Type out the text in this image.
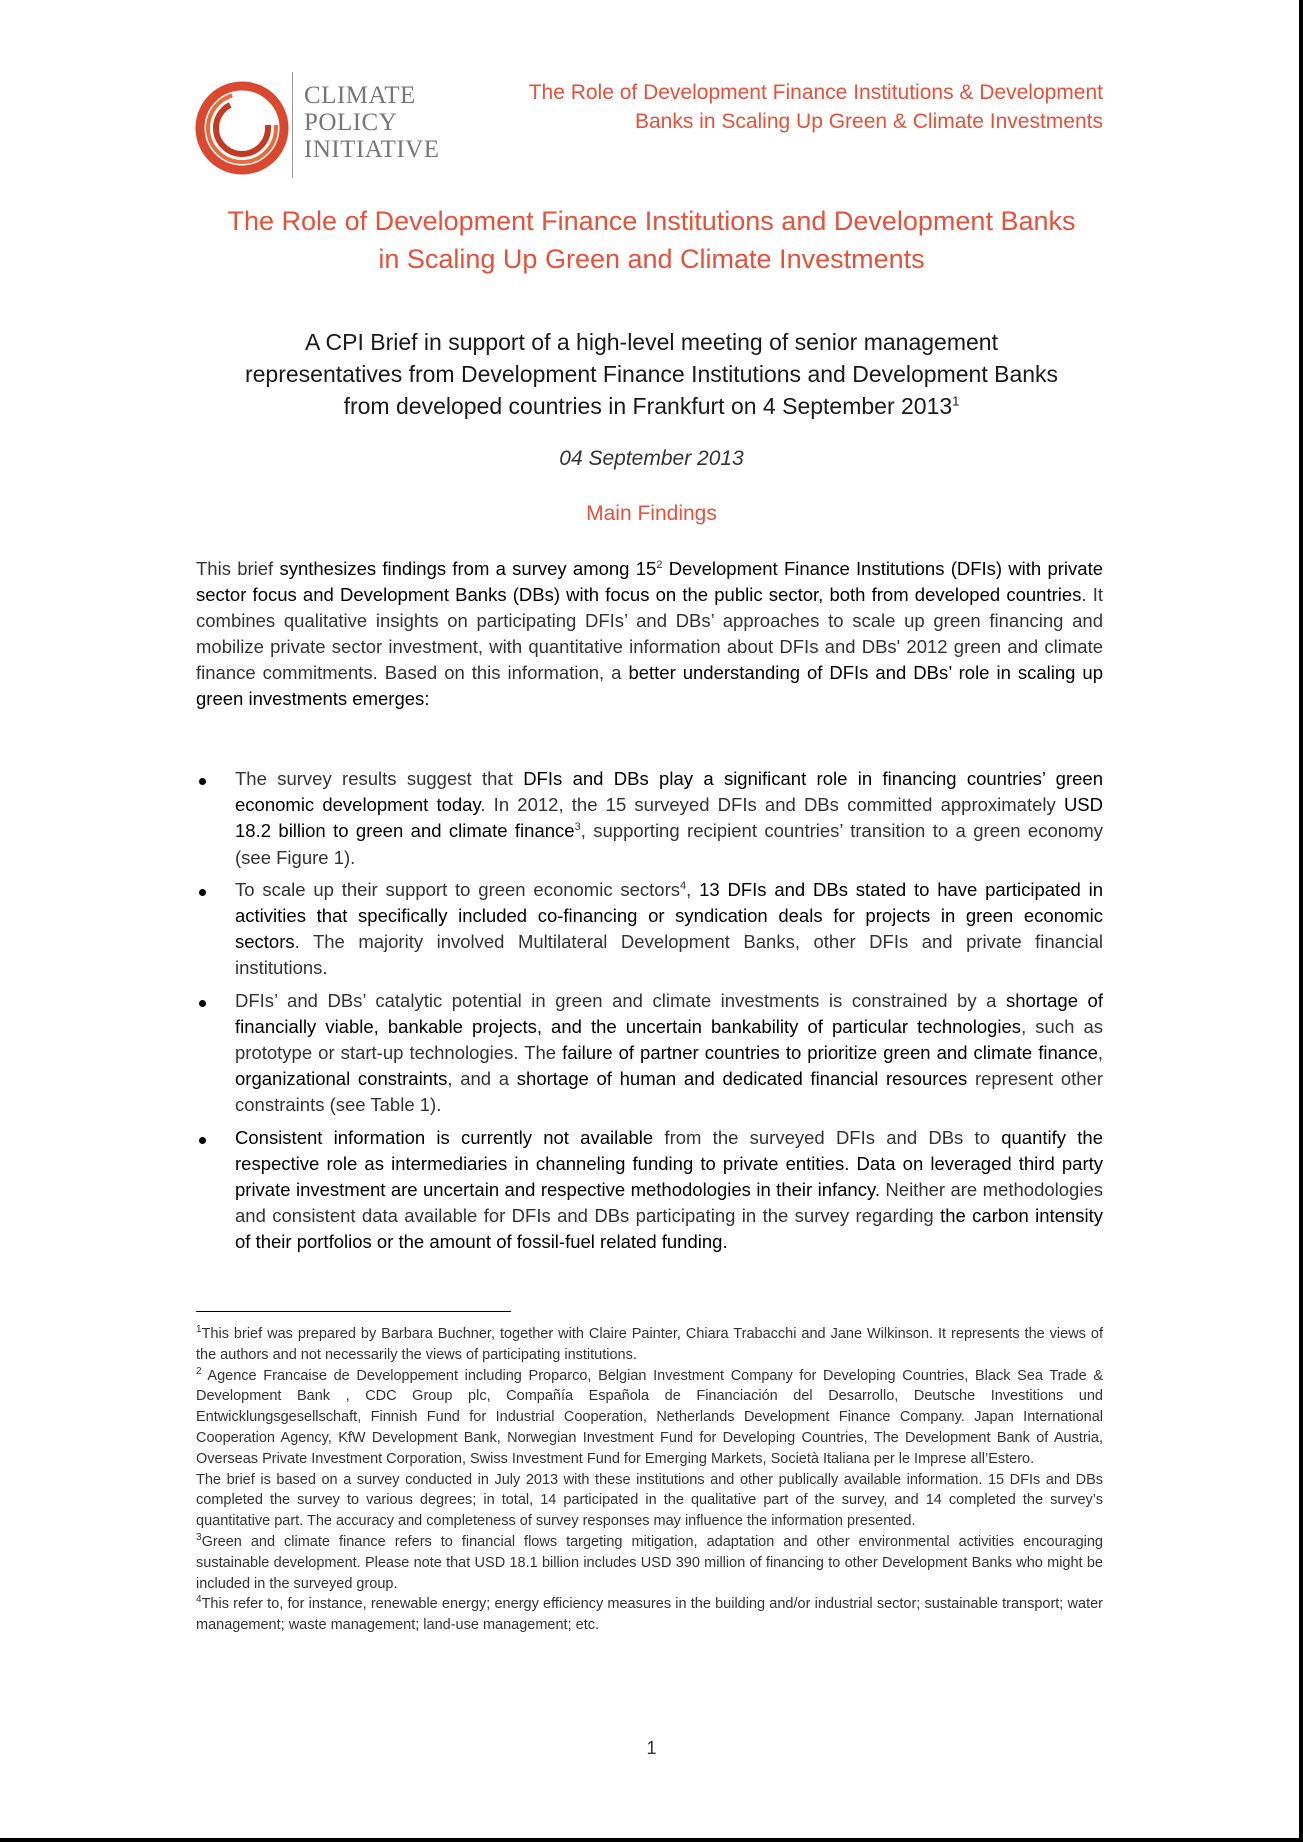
CLIMATE
POLICY
INITIATIVE
The Role of Development Finance Institutions & Development
Banks in Scaling Up Green & Climate Investments
The Role of Development Finance Institutions and Development Banks
in Scaling Up Green and Climate Investments
A CPI Brief in support of a high-level meeting of senior management
representatives from Development Finance Institutions and Development Banks
from developed countries in Frankfurt on 4 September 2013$^1$
04 September 2013
Main Findings
This brief synthesizes findings from a survey among 15$^2$ Development Finance Institutions (DFIs) with private sector focus and Development Banks (DBs) with focus on the public sector, both from developed countries. It combines qualitative insights on participating DFIs’ and DBs’ approaches to scale up green financing and mobilize private sector investment, with quantitative information about DFIs and DBs' 2012 green and climate finance commitments. Based on this information, a better understanding of DFIs and DBs’ role in scaling up green investments emerges:
The survey results suggest that DFIs and DBs play a significant role in financing countries’ green economic development today. In 2012, the 15 surveyed DFIs and DBs committed approximately USD 18.2 billion to green and climate finance$^3$, supporting recipient countries’ transition to a green economy (see Figure 1).
To scale up their support to green economic sectors$^4$, 13 DFIs and DBs stated to have participated in activities that specifically included co-financing or syndication deals for projects in green economic sectors. The majority involved Multilateral Development Banks, other DFIs and private financial institutions.
DFIs’ and DBs’ catalytic potential in green and climate investments is constrained by a shortage of financially viable, bankable projects, and the uncertain bankability of particular technologies, such as prototype or start-up technologies. The failure of partner countries to prioritize green and climate finance, organizational constraints, and a shortage of human and dedicated financial resources represent other constraints (see Table 1).
Consistent information is currently not available from the surveyed DFIs and DBs to quantify the respective role as intermediaries in channeling funding to private entities. Data on leveraged third party private investment are uncertain and respective methodologies in their infancy. Neither are methodologies and consistent data available for DFIs and DBs participating in the survey regarding the carbon intensity of their portfolios or the amount of fossil-fuel related funding.

$^1$This brief was prepared by Barbara Buchner, together with Claire Painter, Chiara Trabacchi and Jane Wilkinson. It represents the views of the authors and not necessarily the views of participating institutions.

$^2$ Agence Francaise de Developpement including Proparco, Belgian Investment Company for Developing Countries, Black Sea Trade & Development Bank , CDC Group plc, Compañía Española de Financiación del Desarrollo, Deutsche Investitions und Entwicklungsgesellschaft, Finnish Fund for Industrial Cooperation, Netherlands Development Finance Company. Japan International Cooperation Agency, KfW Development Bank, Norwegian Investment Fund for Developing Countries, The Development Bank of Austria, Overseas Private Investment Corporation, Swiss Investment Fund for Emerging Markets, Società Italiana per le Imprese all’Estero.

The brief is based on a survey conducted in July 2013 with these institutions and other publically available information. 15 DFIs and DBs completed the survey to various degrees; in total, 14 participated in the qualitative part of the survey, and 14 completed the survey’s quantitative part. The accuracy and completeness of survey responses may influence the information presented.

$^3$Green and climate finance refers to financial flows targeting mitigation, adaptation and other environmental activities encouraging sustainable development. Please note that USD 18.1 billion includes USD 390 million of financing to other Development Banks who might be included in the surveyed group.

$^4$This refer to, for instance, renewable energy; energy efficiency measures in the building and/or industrial sector; sustainable transport; water management; waste management; land-use management; etc.

1
